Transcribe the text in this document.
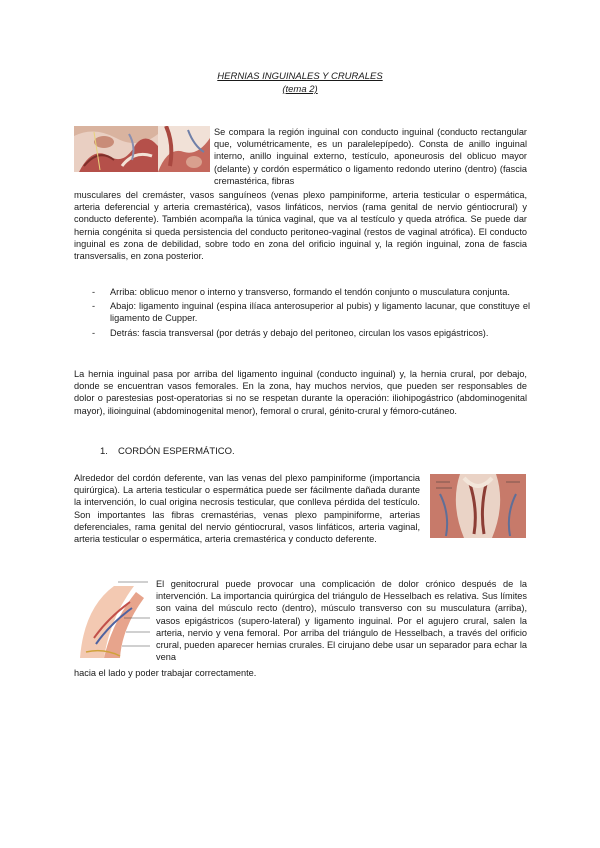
HERNIAS INGUINALES Y CRURALES
(tema 2)

Se compara la región inguinal con conducto inguinal (conducto rectangular que, volumétricamente, es un paralelepípedo). Consta de anillo inguinal interno, anillo inguinal externo, testículo, aponeurosis del oblicuo mayor (delante) y cordón espermático o ligamento redondo uterino (dentro) (fascia cremastérica, fibras

musculares del cremáster, vasos sanguíneos (venas plexo pampiniforme, arteria testicular o espermática, arteria deferencial y arteria cremastérica), vasos linfáticos, nervios (rama genital de nervio géntiocrural) y conducto deferente). También acompaña la túnica vaginal, que va al testículo y queda atrófica. Se puede dar hernia congénita si queda persistencia del conducto peritoneo-vaginal (restos de vaginal atrófica). El conducto inguinal es zona de debilidad, sobre todo en zona del orificio inguinal y, la región inguinal, zona de fascia transversalis, en zona posterior.

- Arriba: oblicuo menor o interno y transverso, formando el tendón conjunto o musculatura conjunta.
- Abajo: ligamento inguinal (espina ilíaca anterosuperior al pubis) y ligamento lacunar, que constituye el ligamento de Cupper.
- Detrás: fascia transversal (por detrás y debajo del peritoneo, circulan los vasos epigástricos).

La hernia inguinal pasa por arriba del ligamento inguinal (conducto inguinal) y, la hernia crural, por debajo, donde se encuentran vasos femorales. En la zona, hay muchos nervios, que pueden ser responsables de dolor o parestesias post-operatorias si no se respetan durante la operación: iliohipogástrico (abdominogenital mayor), ilioinguinal (abdominogenital menor), femoral o crural, génito-crural y fémoro-cutáneo.

1. CORDÓN ESPERMÁTICO.

Alrededor del cordón deferente, van las venas del plexo pampiniforme (importancia quirúrgica). La arteria testicular o espermática puede ser fácilmente dañada durante la intervención, lo cual origina necrosis testicular, que conlleva pérdida del testículo. Son importantes las fibras cremastérias, venas plexo pampiniforme, arterias deferenciales, rama genital del nervio géntiocrural, vasos linfáticos, arteria vaginal, arteria testicular o espermática, arteria cremastérica y conducto deferente.

El genitocrural puede provocar una complicación de dolor crónico después de la intervención. La importancia quirúrgica del triángulo de Hesselbach es relativa. Sus límites son vaina del músculo recto (dentro), músculo transverso con su musculatura (arriba), vasos epigástricos (supero-lateral) y ligamento inguinal. Por el agujero crural, salen la arteria, nervio y vena femoral. Por arriba del triángulo de Hesselbach, a través del orificio crural, pueden aparecer hernias crurales. El cirujano debe usar un separador para echar la vena

hacia el lado y poder trabajar correctamente.
